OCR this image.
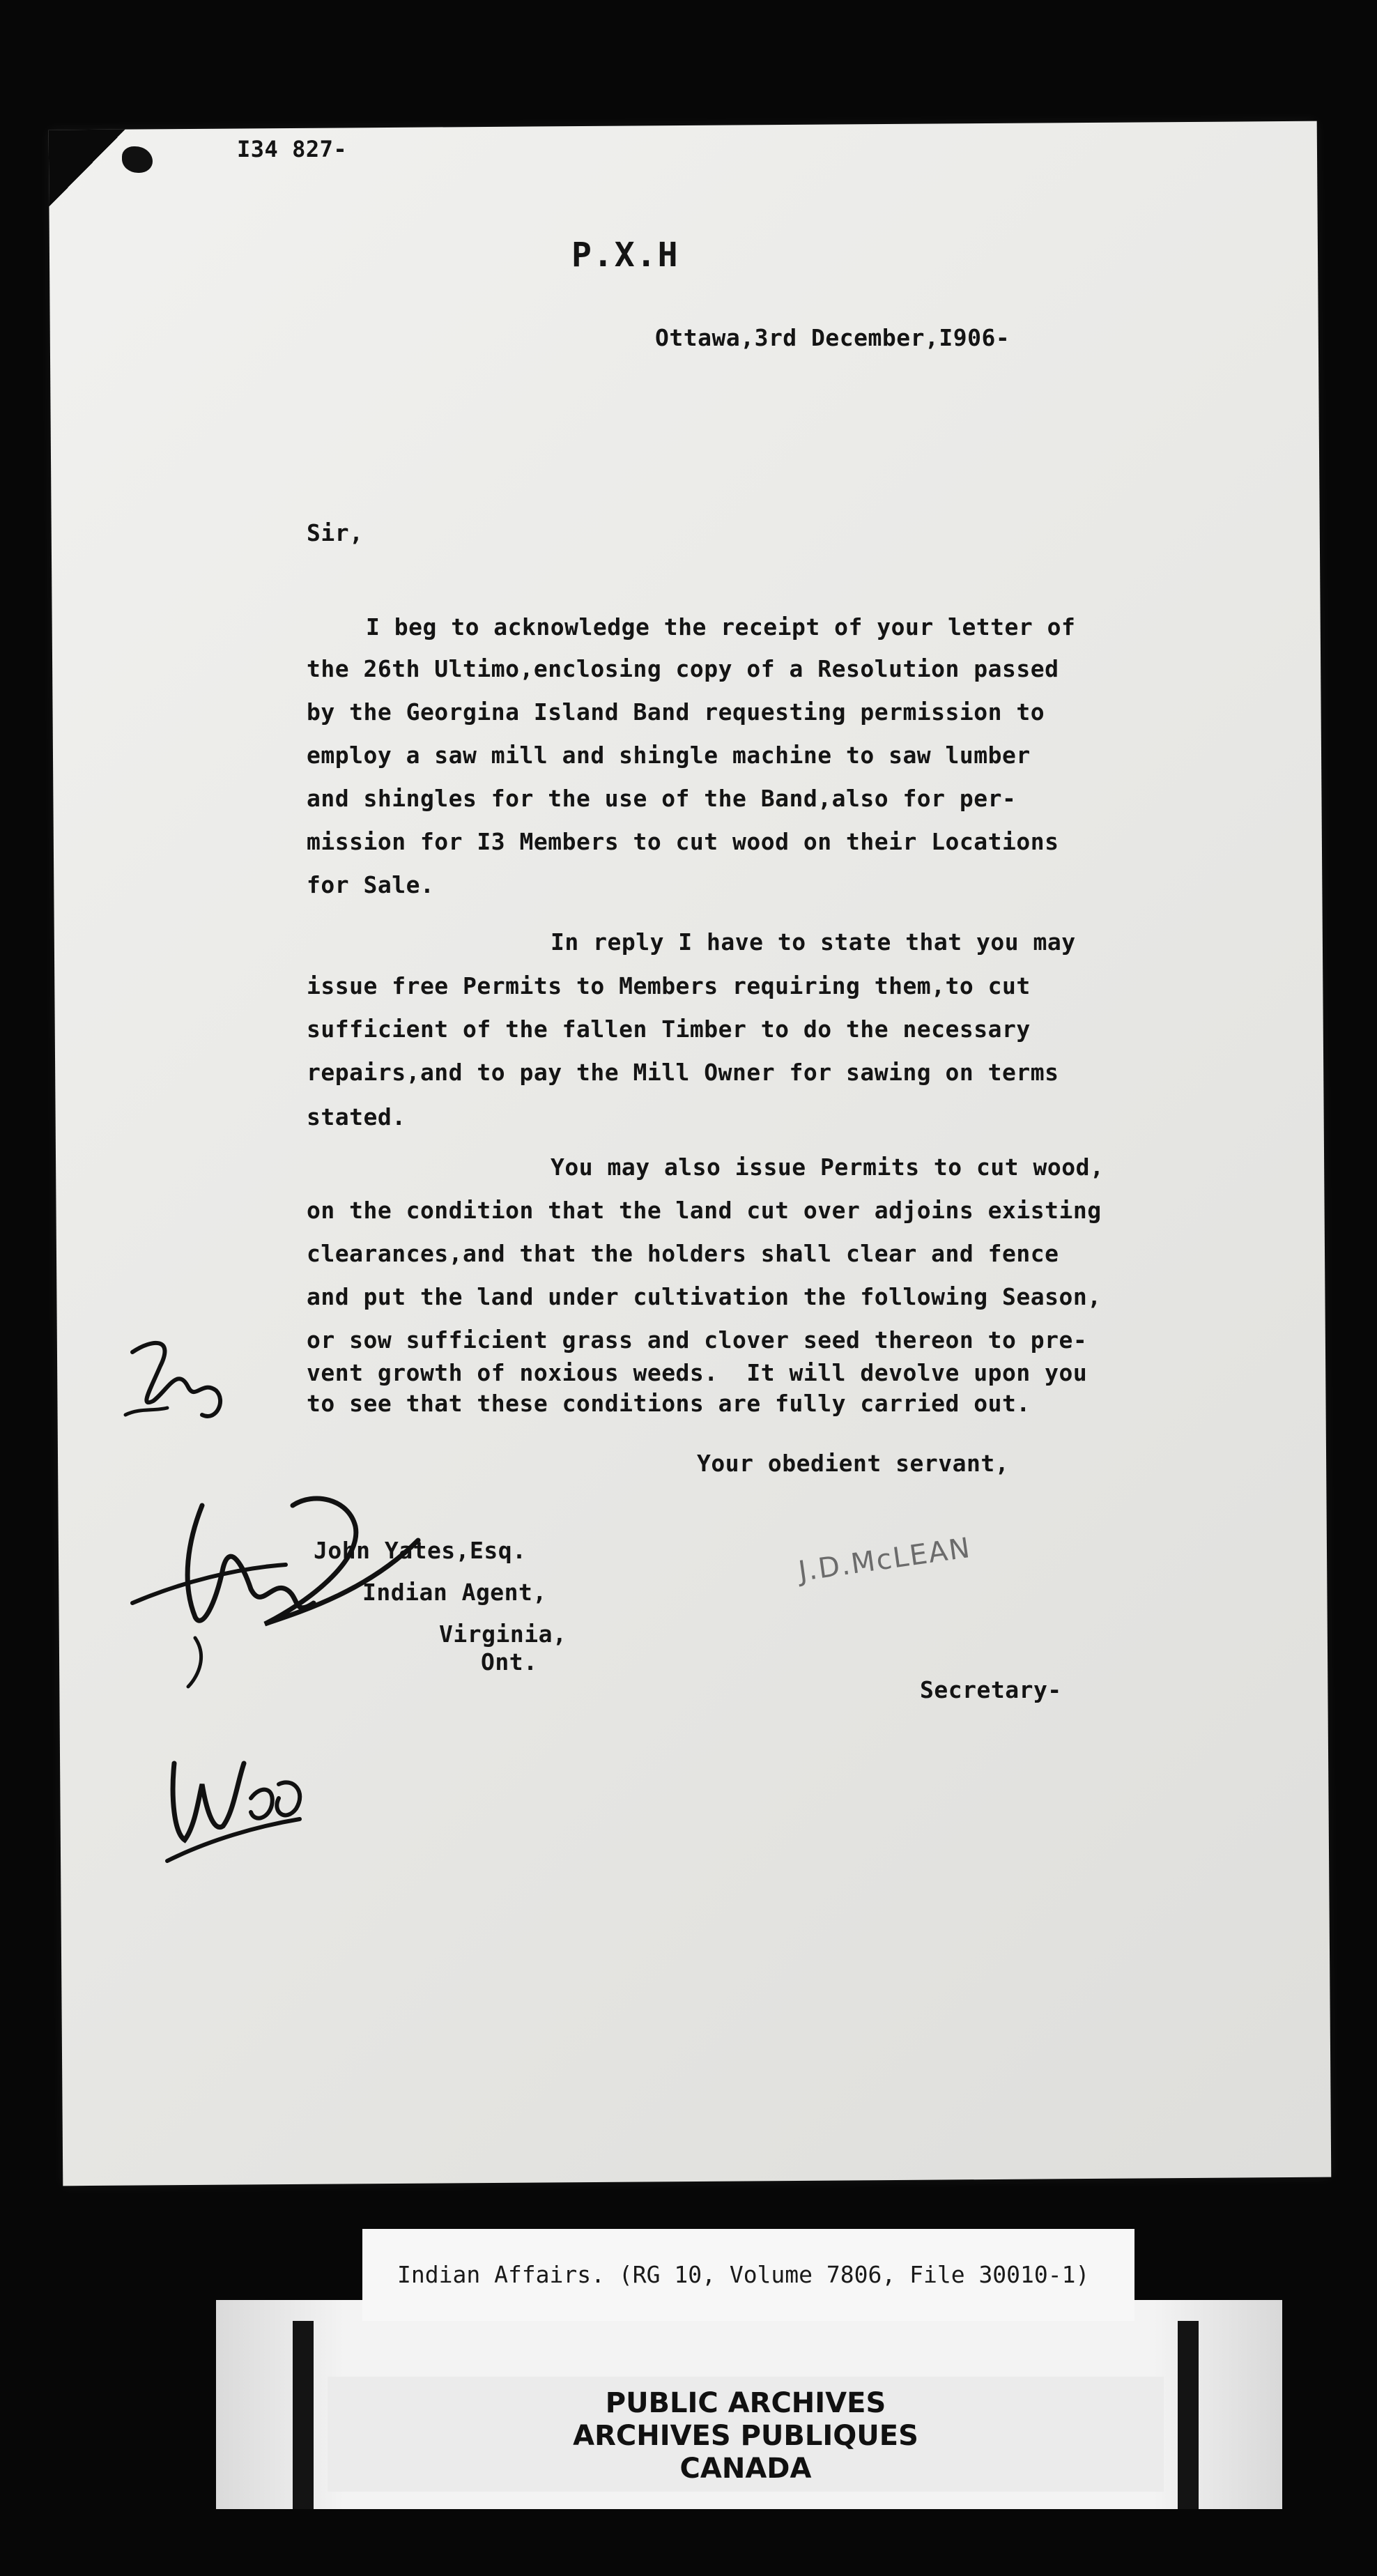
I34 827-
P.X.H
Ottawa,3rd December,I906-
Sir,
I beg to acknowledge the receipt of your letter of
the 26th Ultimo,enclosing copy of a Resolution passed
by the Georgina Island Band requesting permission to
employ a saw mill and shingle machine to saw lumber
and shingles for the use of the Band,also for per-
mission for I3 Members to cut wood on their Locations
for Sale.
In reply I have to state that you may
issue free Permits to Members requiring them,to cut
sufficient of the fallen Timber to do the necessary
repairs,and to pay the Mill Owner for sawing on terms
stated.
You may also issue Permits to cut wood,
on the condition that the land cut over adjoins existing
clearances,and that the holders shall clear and fence
and put the land under cultivation the following Season,
or sow sufficient grass and clover seed thereon to pre-
vent growth of noxious weeds.  It will devolve upon you
to see that these conditions are fully carried out.
Your obedient servant,
John Yates,Esq.
Indian Agent,
Virginia,
Ont.
J.D.McLEAN
Secretary-
Indian Affairs. (RG 10, Volume 7806, File 30010-1)
PUBLIC ARCHIVES
ARCHIVES PUBLIQUES
CANADA
